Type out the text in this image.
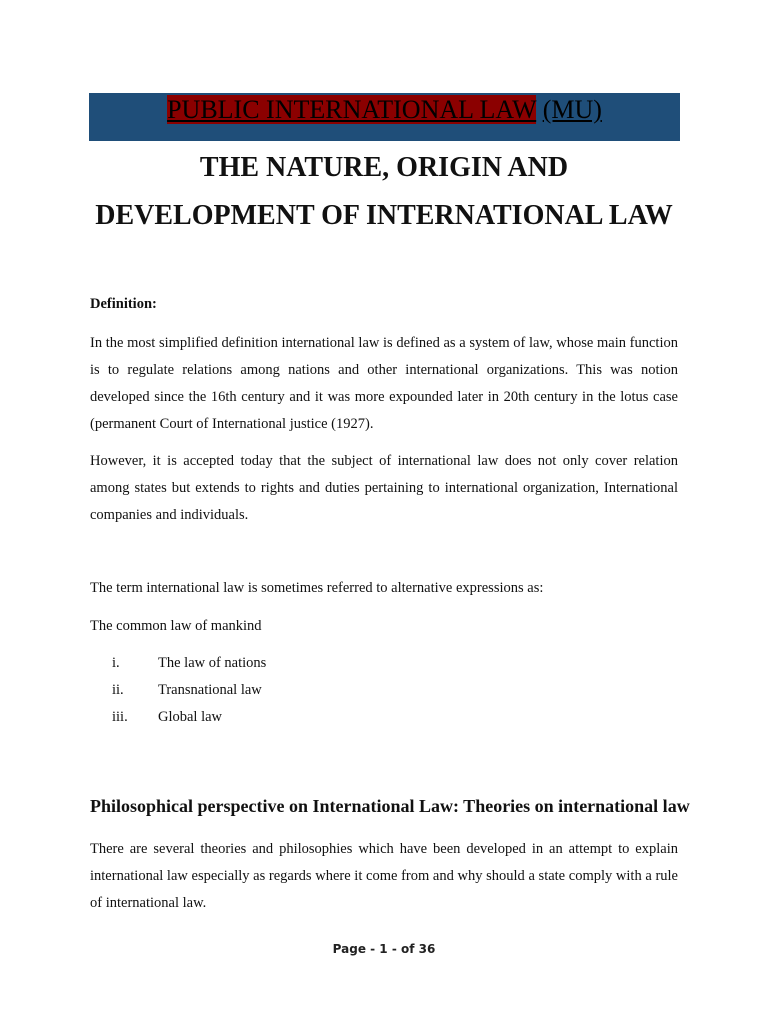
PUBLIC INTERNATIONAL LAW (MU)
THE NATURE, ORIGIN AND
DEVELOPMENT OF INTERNATIONAL LAW

Definition:

In the most simplified definition international law is defined as a system of law, whose main function is to regulate relations among nations and other international organizations. This was notion developed since the 16th century and it was more expounded later in 20th century in the lotus case (permanent Court of International justice (1927).

However, it is accepted today that the subject of international law does not only cover relation among states but extends to rights and duties pertaining to international organization, International companies and individuals.

The term international law is sometimes referred to alternative expressions as:

The common law of mankind

i.	The law of nations
ii. Transnational law
iii. Global law
Philosophical perspective on International Law: Theories on international law

There are several theories and philosophies which have been developed in an attempt to explain international law especially as regards where it come from and why should a state comply with a rule of international law.

Page - 1 - of 36
